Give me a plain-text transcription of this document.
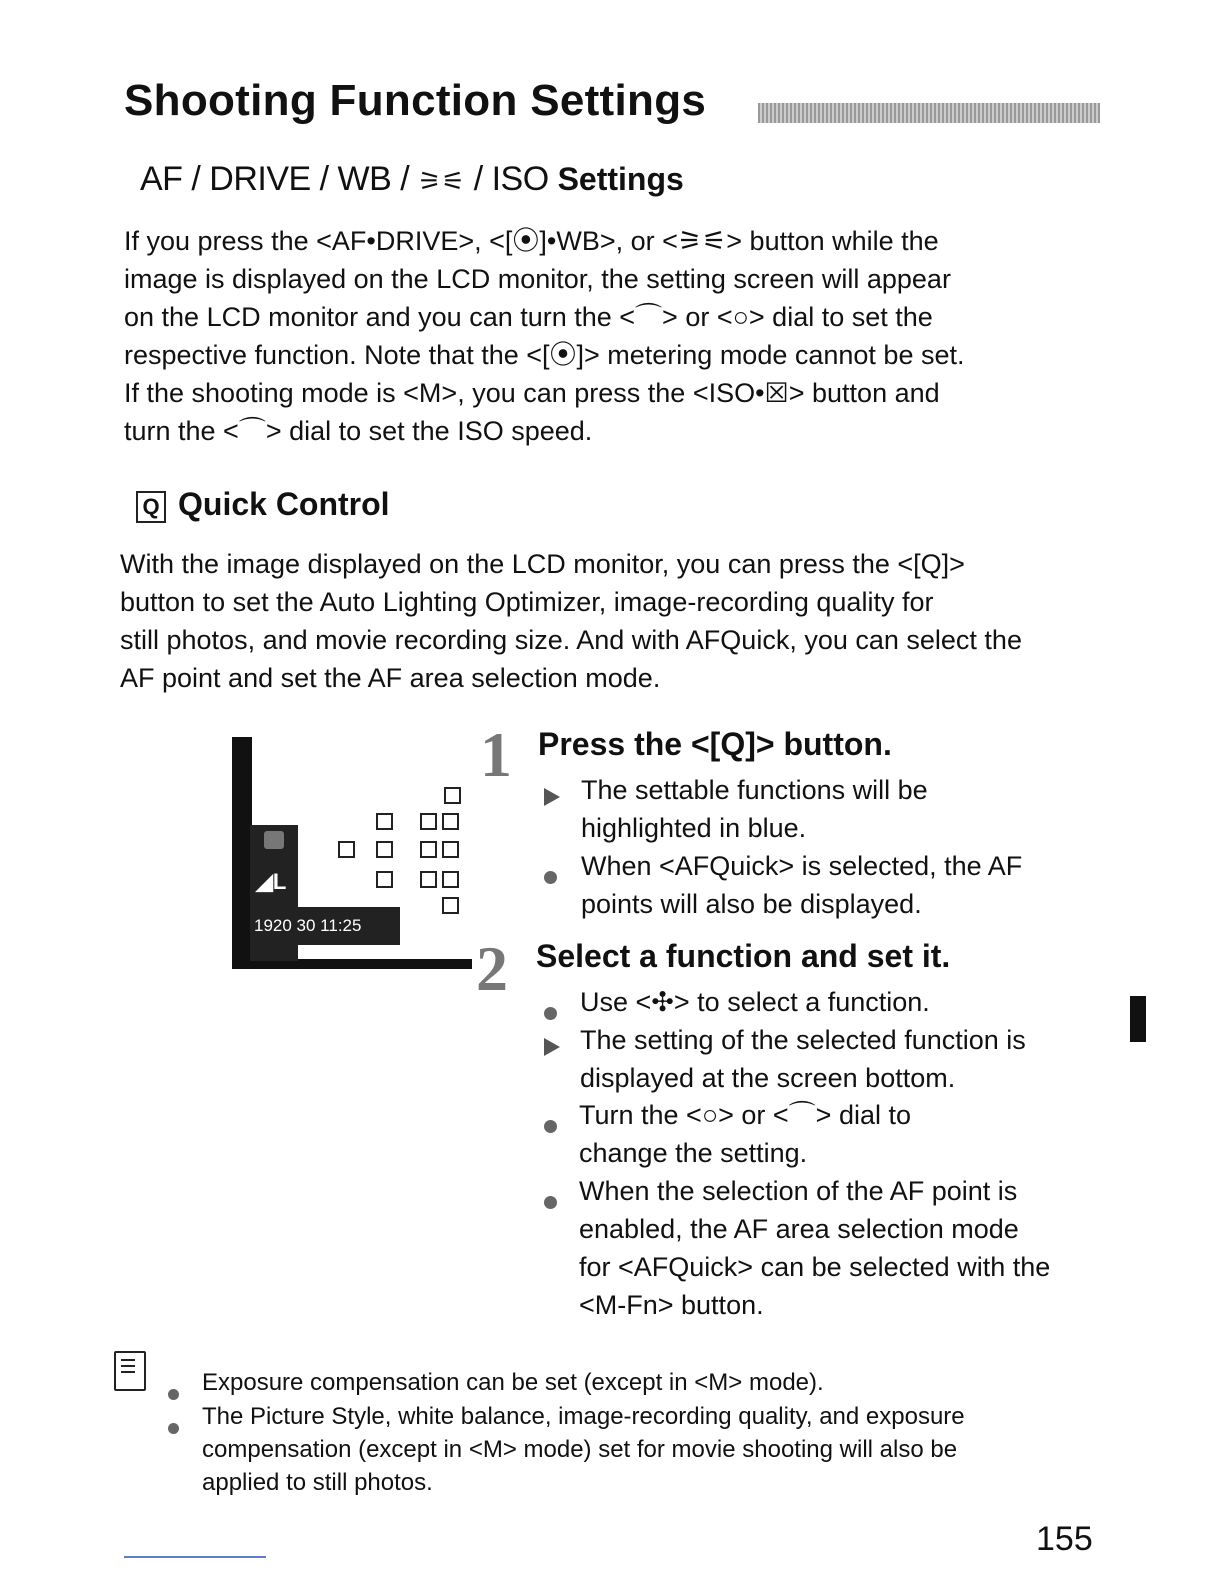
Shooting Function Settings
AF / DRIVE / WB / ⚞⚟ / ISO Settings
If you press the <AF•DRIVE>, <[⦿]•WB>, or <⚞⚟> button while the
image is displayed on the LCD monitor, the setting screen will appear
on the LCD monitor and you can turn the <⌒> or <○> dial to set the
respective function. Note that the <[⦿]> metering mode cannot be set.
If the shooting mode is <M>, you can press the <ISO•☒> button and
turn the <⌒> dial to set the ISO speed.
Q Quick Control
With the image displayed on the LCD monitor, you can press the <[Q]>
button to set the Auto Lighting Optimizer, image-recording quality for
still photos, and movie recording size. And with AFQuick, you can select the
AF point and set the AF area selection mode.
◢L
1920 30 11:25
1 Press the <[Q]> button.
The settable functions will be
highlighted in blue.
When <AFQuick> is selected, the AF
points will also be displayed.
2 Select a function and set it.
Use <✣> to select a function.
The setting of the selected function is
displayed at the screen bottom.
Turn the <○> or <⌒> dial to
change the setting.
When the selection of the AF point is
enabled, the AF area selection mode
for <AFQuick> can be selected with the
<M-Fn> button.
Exposure compensation can be set (except in <M> mode).
The Picture Style, white balance, image-recording quality, and exposure
compensation (except in <M> mode) set for movie shooting will also be
applied to still photos.
155
